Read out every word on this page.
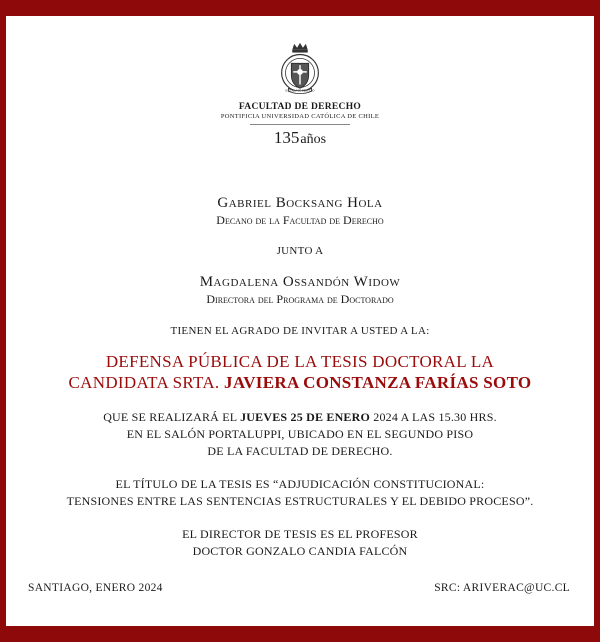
ESCUELA DE DERECHO
FACULTAD DE DERECHO
PONTIFICIA UNIVERSIDAD CATÓLICA DE CHILE
135años

Gabriel Bocksang Hola

Decano de la Facultad de Derecho

JUNTO A

Magdalena Ossandón Widow

Directora del Programa de Doctorado

TIENEN EL AGRADO DE INVITAR A USTED A LA:
DEFENSA PÚBLICA DE LA TESIS DOCTORAL LA
CANDIDATA SRTA. JAVIERA CONSTANZA FARÍAS SOTO
QUE SE REALIZARÁ EL JUEVES 25 DE ENERO 2024 A LAS 15.30 HRS.
EN EL SALÓN PORTALUPPI, UBICADO EN EL SEGUNDO PISO
DE LA FACULTAD DE DERECHO.
EL TÍTULO DE LA TESIS ES “ADJUDICACIÓN CONSTITUCIONAL:
TENSIONES ENTRE LAS SENTENCIAS ESTRUCTURALES Y EL DEBIDO PROCESO”.
EL DIRECTOR DE TESIS ES EL PROFESOR
DOCTOR GONZALO CANDIA FALCÓN
SANTIAGO, ENERO 2024	SRC: ARIVERAC@UC.CL
